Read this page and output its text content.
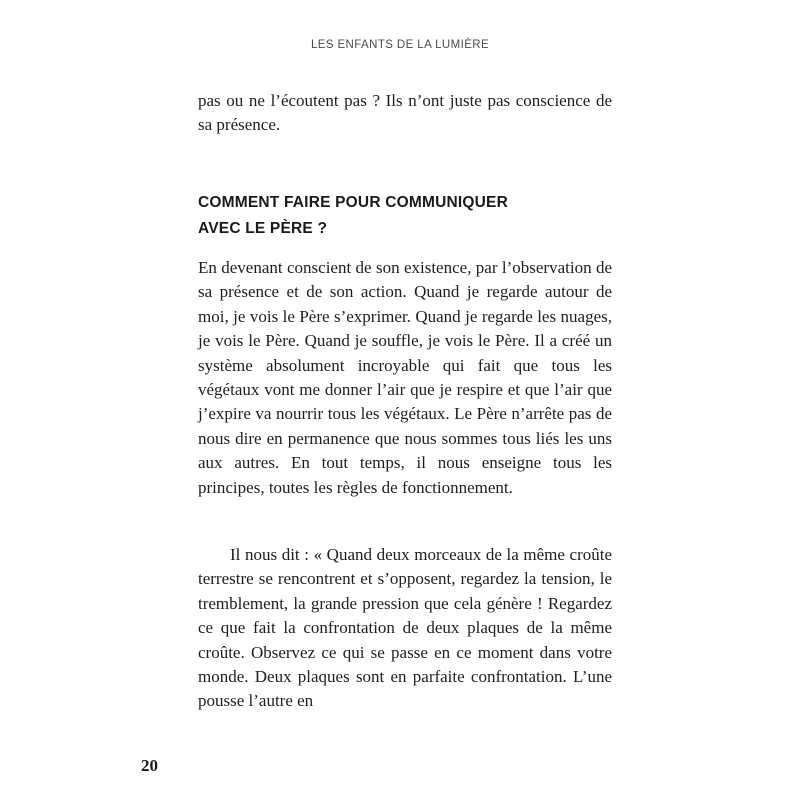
LES ENFANTS DE LA LUMIÈRE

pas ou ne l’écoutent pas ? Ils n’ont juste pas conscience de sa présence.

COMMENT FAIRE POUR COMMUNIQUER
AVEC LE PÈRE ?

En devenant conscient de son existence, par l’observation de sa présence et de son action. Quand je regarde autour de moi, je vois le Père s’exprimer. Quand je regarde les nuages, je vois le Père. Quand je souffle, je vois le Père. Il a créé un système absolument incroyable qui fait que tous les végétaux vont me donner l’air que je respire et que l’air que j’expire va nourrir tous les végétaux. Le Père n’arrête pas de nous dire en permanence que nous sommes tous liés les uns aux autres. En tout temps, il nous enseigne tous les principes, toutes les règles de fonctionnement.

Il nous dit : « Quand deux morceaux de la même croûte terrestre se rencontrent et s’opposent, regardez la tension, le tremblement, la grande pression que cela génère ! Regardez ce que fait la confrontation de deux plaques de la même croûte. Observez ce qui se passe en ce moment dans votre monde. Deux plaques sont en parfaite confrontation. L’une pousse l’autre en

20
